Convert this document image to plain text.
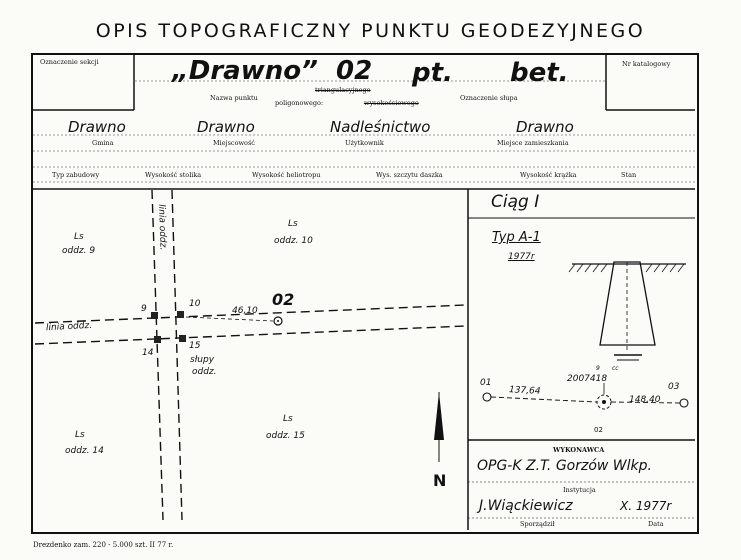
OPIS TOPOGRAFICZNY PUNKTU GEODEZYJNEGO
N
Oznaczenie sekcji	Nr katalogowy
„Drawno” 02 pt. bet.
Nazwa punktu
triangulacyjnego
poligonowego:	wysokościowego
Oznaczenie słupa
Drawno
Gmina
Drawno
Miejscowość
Nadleśnictwo
Użytkownik
Drawno
Miejsce zamieszkania
Typ zabudowy	Wysokość stolika	Wysokość heliotropu	Wys. szczytu daszka	Wysokość krążka	Stan
Ls
oddz. 9
Ls
oddz. 10
linia oddz.
linia oddz.
9	10
46,10
02
14
15
słupy
oddz.
Ls
oddz. 14
Ls
oddz. 15
Ciąg I
Typ A-1
1977r
01
137,64
2007418
9 cc
148,40
03
02
WYKONAWCA
OPG-K Z.T. Gorzów Wlkp.
Instytucja
J.Wiąckiewicz	X. 1977r
Sporządził	Data
Drezdenko zam. 220 - 5.000 szt. II 77 r.
